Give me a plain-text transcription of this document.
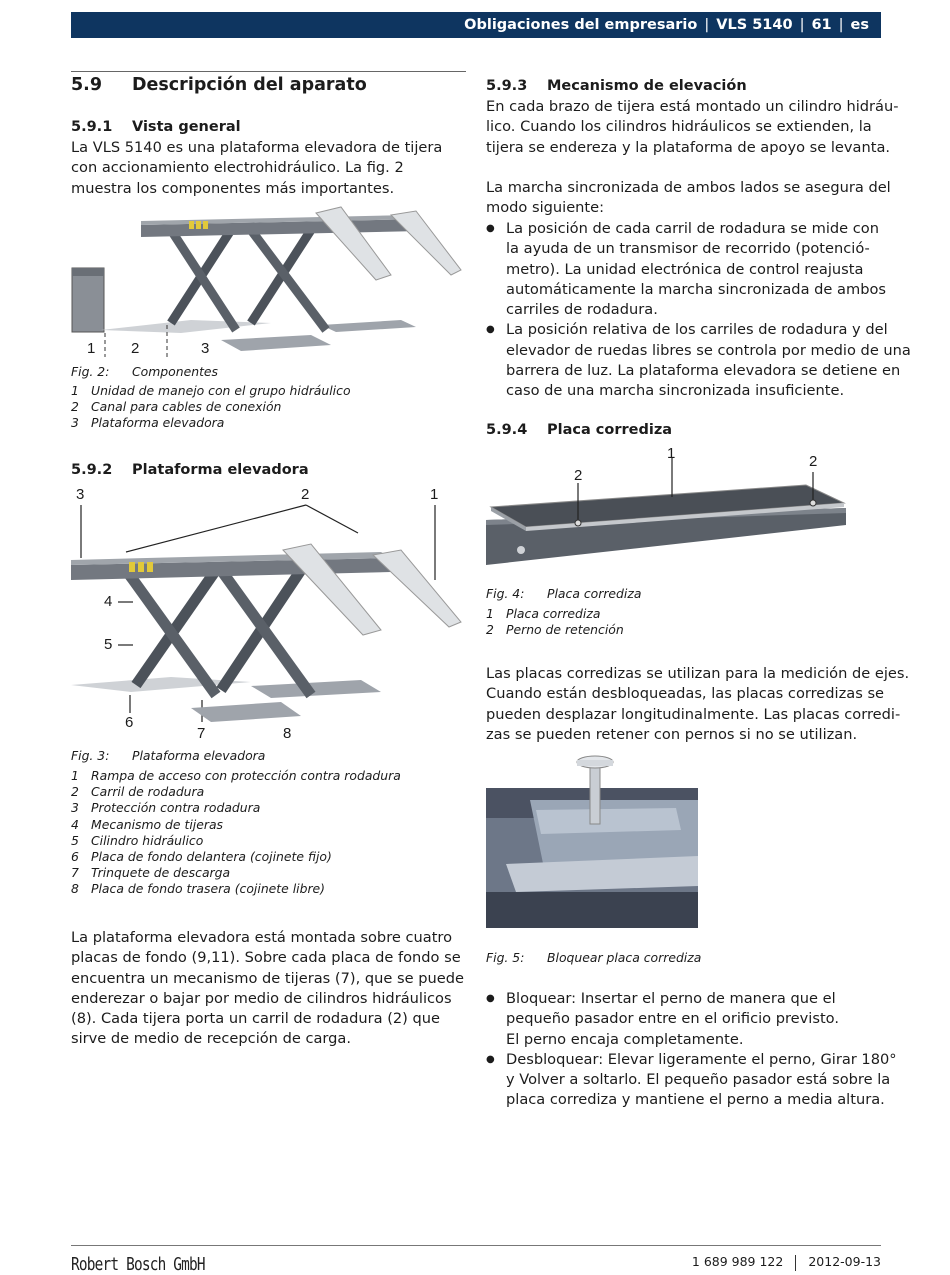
Obligaciones del empresario | VLS 5140 | 61 | es
5.9 Descripción del aparato
5.9.1 Vista general
La VLS 5140 es una plataforma elevadora de tijera con accionamiento electrohidráulico. La fig. 2 muestra los componentes más importantes.
1 2	3
Fig. 2: Componentes
1 Unidad de manejo con el grupo hidráulico
2 Canal para cables de conexión
3 Plataforma elevadora
5.9.2 Plataforma elevadora
3	2	1
4
5
6
7	8
Fig. 3: Plataforma elevadora
1 Rampa de acceso con protección contra rodadura
2 Carril de rodadura
3 Protección contra rodadura
4 Mecanismo de tijeras
5 Cilindro hidráulico
6 Placa de fondo delantera (cojinete fijo)
7 Trinquete de descarga
8 Placa de fondo trasera (cojinete libre)
La plataforma elevadora está montada sobre cuatro
placas de fondo (9,11). Sobre cada placa de fondo se
encuentra un mecanismo de tijeras (7), que se puede
enderezar o bajar por medio de cilindros hidráulicos
(8). Cada tijera porta un carril de rodadura (2) que
sirve de medio de recepción de carga.
5.9.3 Mecanismo de elevación
En cada brazo de tijera está montado un cilindro hidráu-
lico. Cuando los cilindros hidráulicos se extienden, la
tijera se endereza y la plataforma de apoyo se levanta.
La marcha sincronizada de ambos lados se asegura del
modo siguiente:
● La posición de cada carril de rodadura se mide con
la ayuda de un transmisor de recorrido (potenció-
metro). La unidad electrónica de control reajusta
automáticamente la marcha sincronizada de ambos
carriles de rodadura.
● La posición relativa de los carriles de rodadura y del
elevador de ruedas libres se controla por medio de una
barrera de luz. La plataforma elevadora se detiene en
caso de una marcha sincronizada insuficiente.
5.9.4 Placa corrediza
1
2
2
Fig. 4: Placa corrediza
1 Placa corrediza
2 Perno de retención
Las placas corredizas se utilizan para la medición de ejes.
Cuando están desbloqueadas, las placas corredizas se
pueden desplazar longitudinalmente. Las placas corredi-
zas se pueden retener con pernos si no se utilizan.
Fig. 5: Bloquear placa corrediza
● Bloquear: Insertar el perno de manera que el
pequeño pasador entre en el orificio previsto.
El perno encaja completamente.
● Desbloquear: Elevar ligeramente el perno, Girar 180°
y Volver a soltarlo. El pequeño pasador está sobre la
placa corrediza y mantiene el perno a media altura.
Robert Bosch GmbH	1 689 989 122 2012-09-13
